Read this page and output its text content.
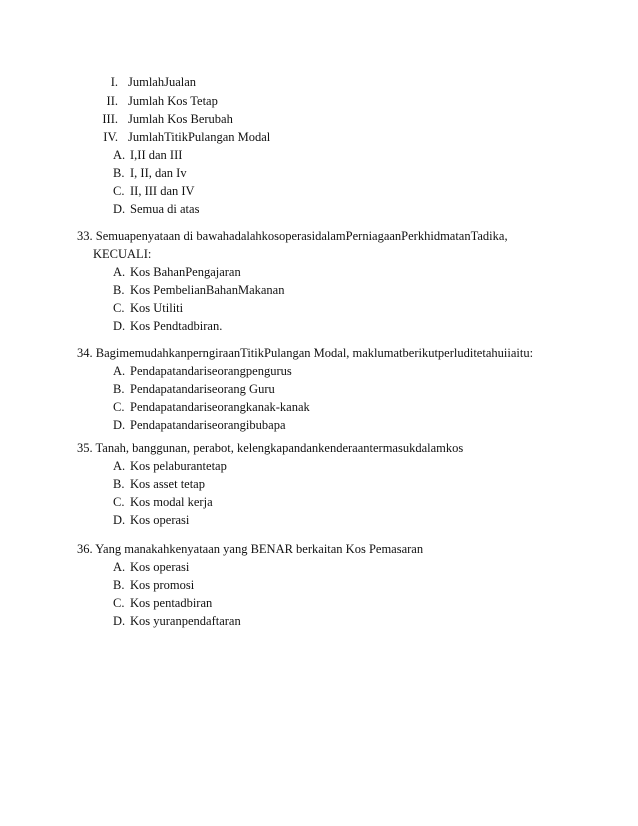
I. JumlahJualan
II. Jumlah Kos Tetap
III. Jumlah Kos Berubah
IV. JumlahTitikPulangan Modal
A. I,II dan III
B. I, II, dan Iv
C. II, III dan IV
D. Semua di atas
33. Semuapenyataan di bawahadalahkosoperasidalamPerniagaanPerkhidmatanTadika,
KECUALI:
A. Kos BahanPengajaran
B. Kos PembelianBahanMakanan
C. Kos Utiliti
D. Kos Pendtadbiran.
34. BagimemudahkanperngiraanTitikPulangan Modal, maklumatberikutperluditetahuiiaitu:
A. Pendapatandariseorangpengurus
B. Pendapatandariseorang Guru
C. Pendapatandariseorangkanak-kanak
D. Pendapatandariseorangibubapa
35. Tanah, banggunan, perabot, kelengkapandankenderaantermasukdalamkos
A. Kos pelaburantetap
B. Kos asset tetap
C. Kos modal kerja
D. Kos operasi
36. Yang manakahkenyataan yang BENAR berkaitan Kos Pemasaran
A. Kos operasi
B. Kos promosi
C. Kos pentadbiran
D. Kos yuranpendaftaran
